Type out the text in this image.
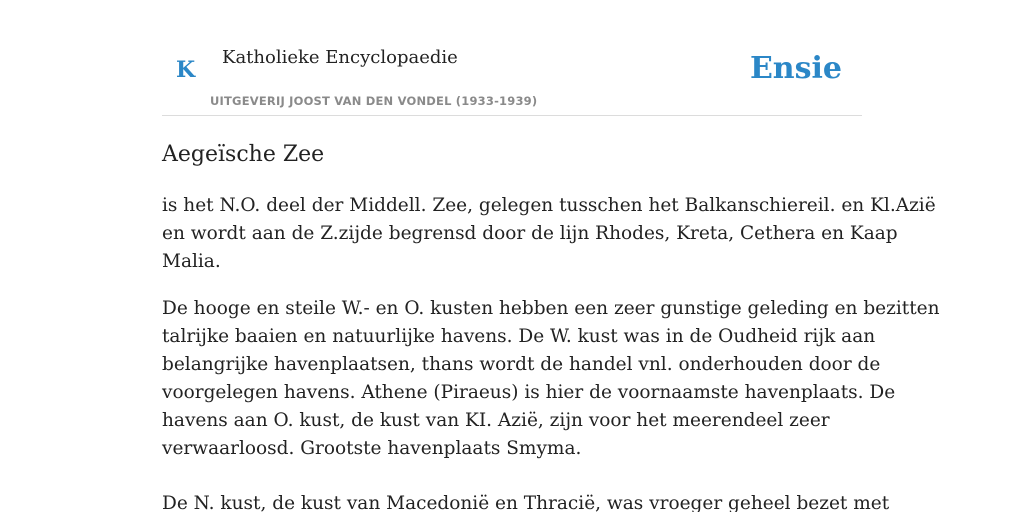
K Katholieke Encyclopaedie
UITGEVERIJ JOOST VAN DEN VONDEL (1933-1939)
Ensie
Aegeïsche Zee

is het N.O. deel der Middell. Zee, gelegen tusschen het Balkanschiereil. en Kl.Azië
en wordt aan de Z.zijde begrensd door de lijn Rhodes, Kreta, Cethera en Kaap
Malia.

De hooge en steile W.- en O. kusten hebben een zeer gunstige geleding en bezitten
talrijke baaien en natuurlijke havens. De W. kust was in de Oudheid rijk aan
belangrijke havenplaatsen, thans wordt de handel vnl. onderhouden door de
voorgelegen havens. Athene (Piraeus) is hier de voornaamste havenplaats. De
havens aan O. kust, de kust van KI. Azië, zijn voor het meerendeel zeer
verwaarloosd. Grootste havenplaats Smyma.

De N. kust, de kust van Macedonië en Thracië, was vroeger geheel bezet met
